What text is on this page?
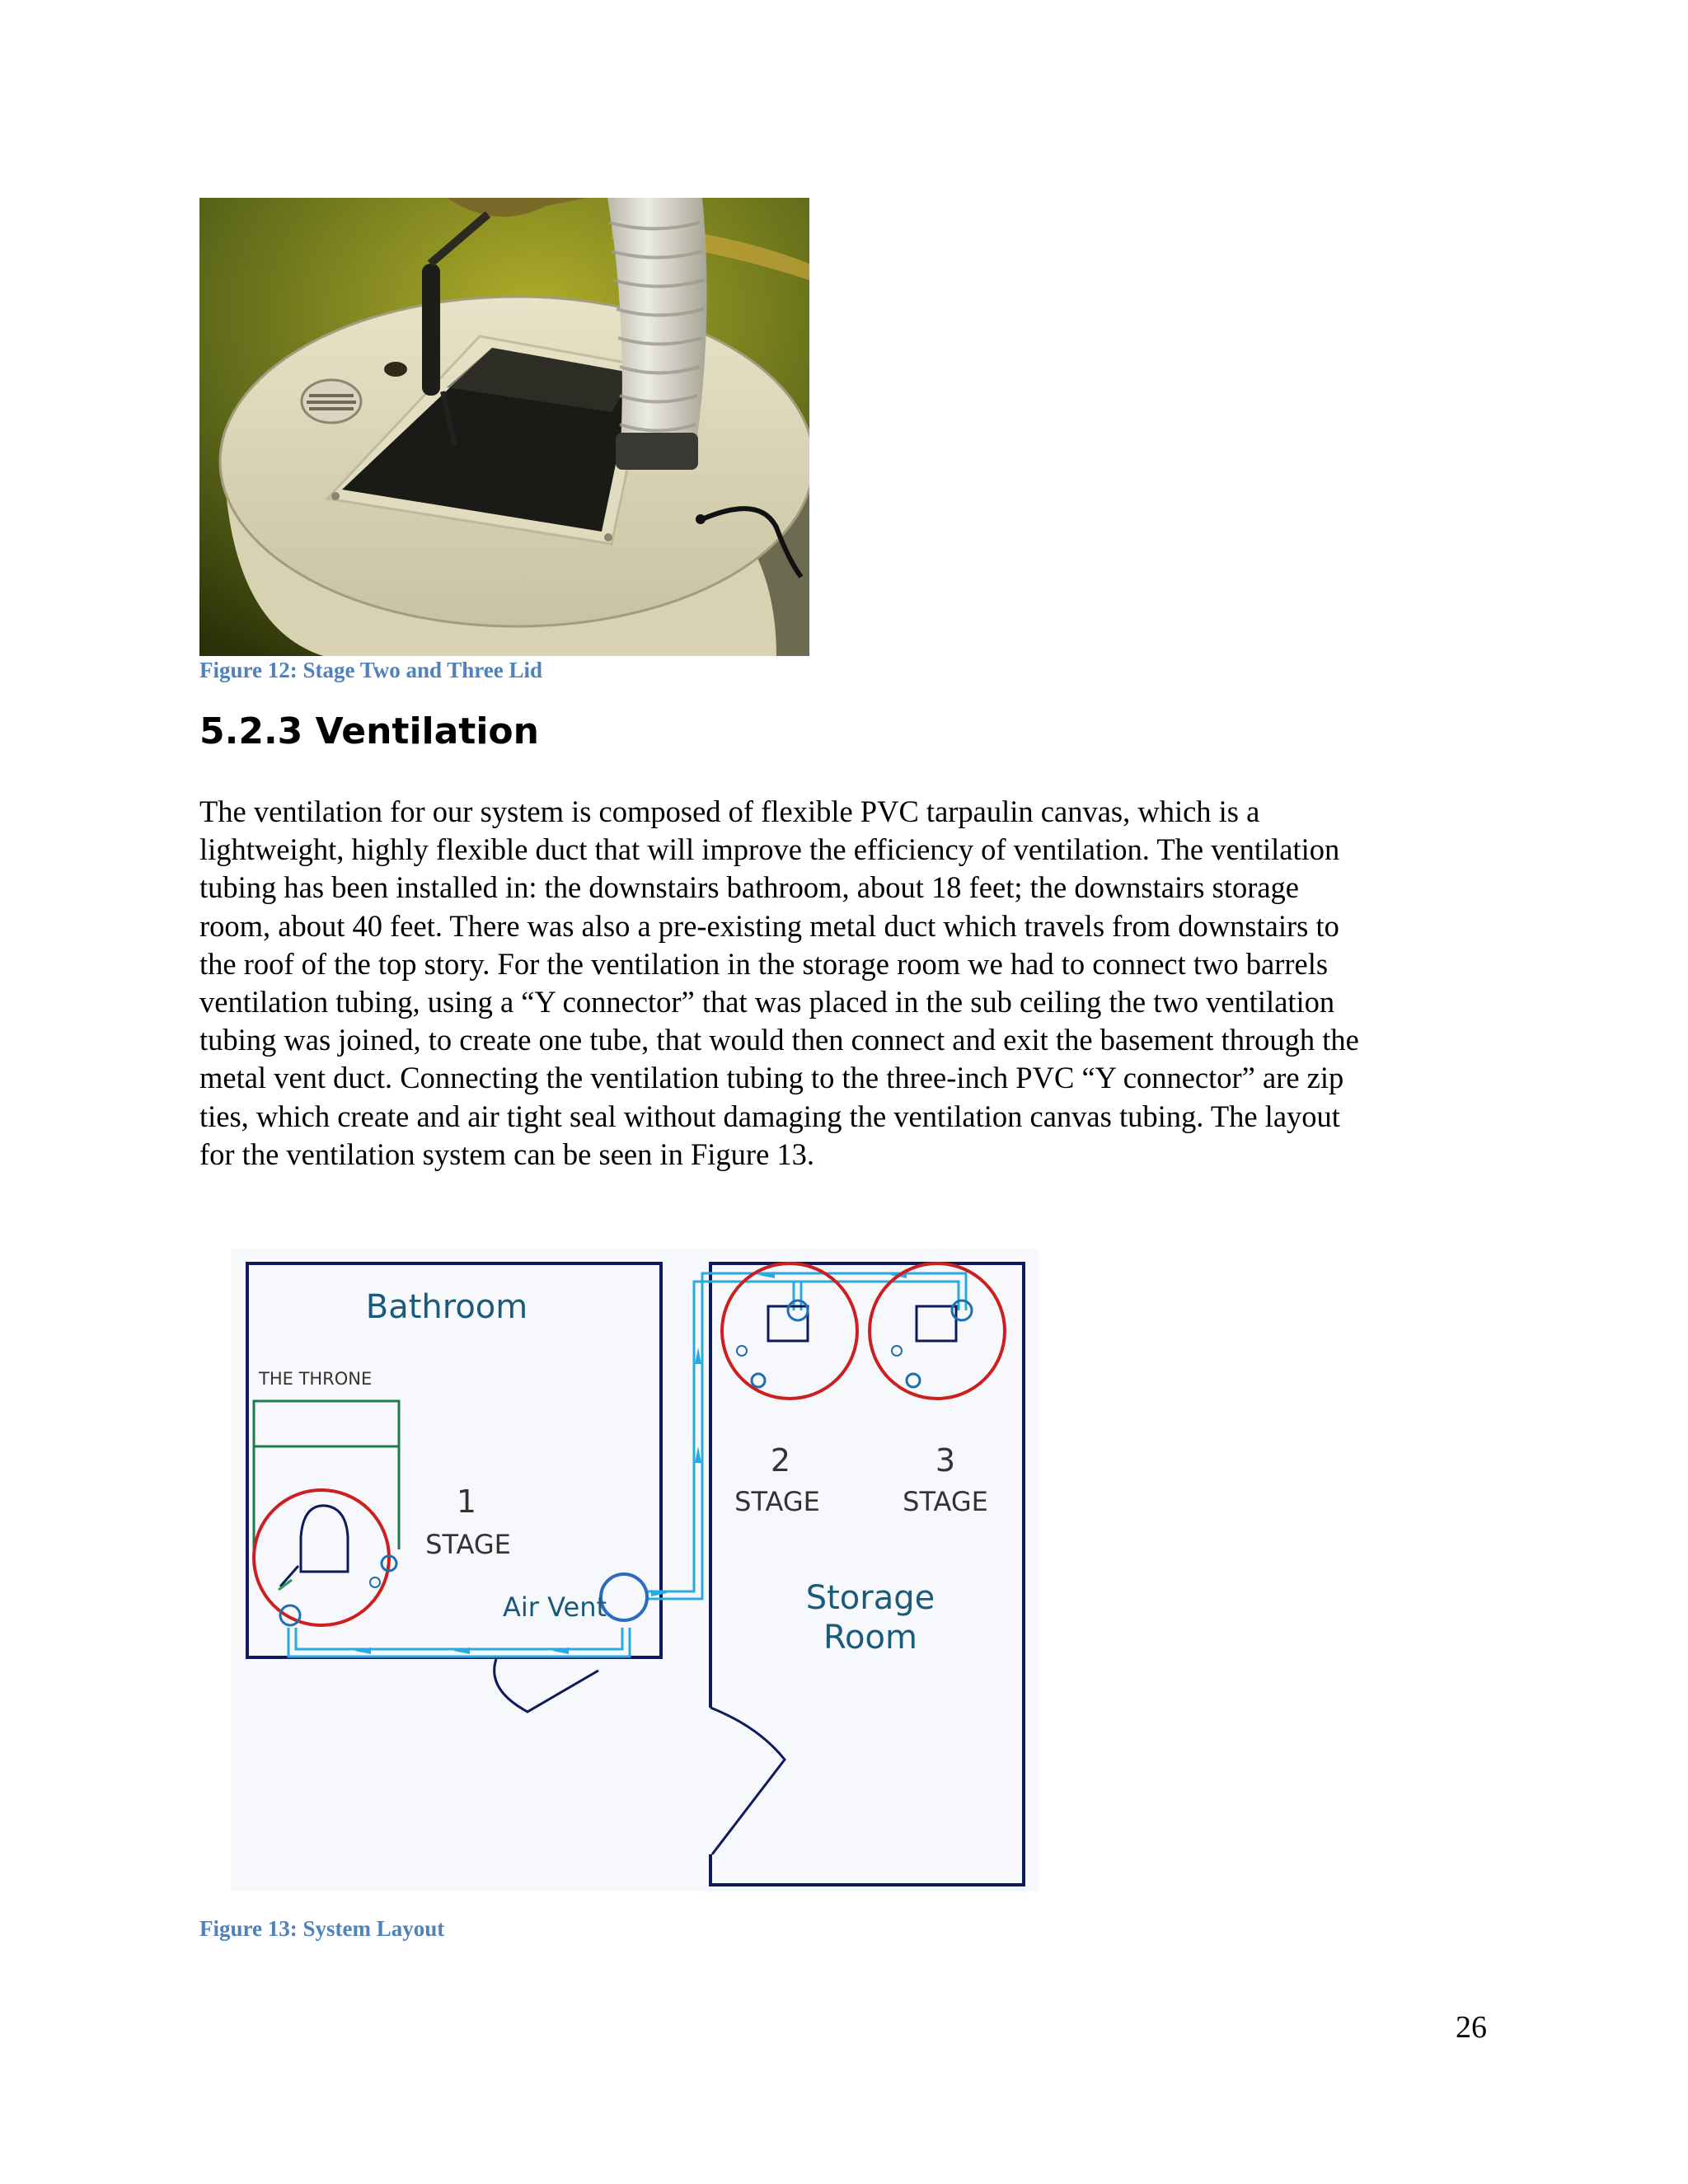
Figure 12: Stage Two and Three Lid
5.2.3 Ventilation
The ventilation for our system is composed of flexible PVC tarpaulin canvas, which is a
lightweight, highly flexible duct that will improve the efficiency of ventilation. The ventilation
tubing has been installed in: the downstairs bathroom, about 18 feet; the downstairs storage
room, about 40 feet. There was also a pre-existing metal duct which travels from downstairs to
the roof of the top story. For the ventilation in the storage room we had to connect two barrels
ventilation tubing, using a “Y connector” that was placed in the sub ceiling the two ventilation
tubing was joined, to create one tube, that would then connect and exit the basement through the
metal vent duct. Connecting the ventilation tubing to the three-inch PVC “Y connector” are zip
ties, which create and air tight seal without damaging the ventilation canvas tubing. The layout
for the ventilation system can be seen in Figure 13.
Bathroom
THE THRONE
1
STAGE
Air Vent
2
STAGE
3
STAGE
Storage
Room
Figure 13: System Layout
26
